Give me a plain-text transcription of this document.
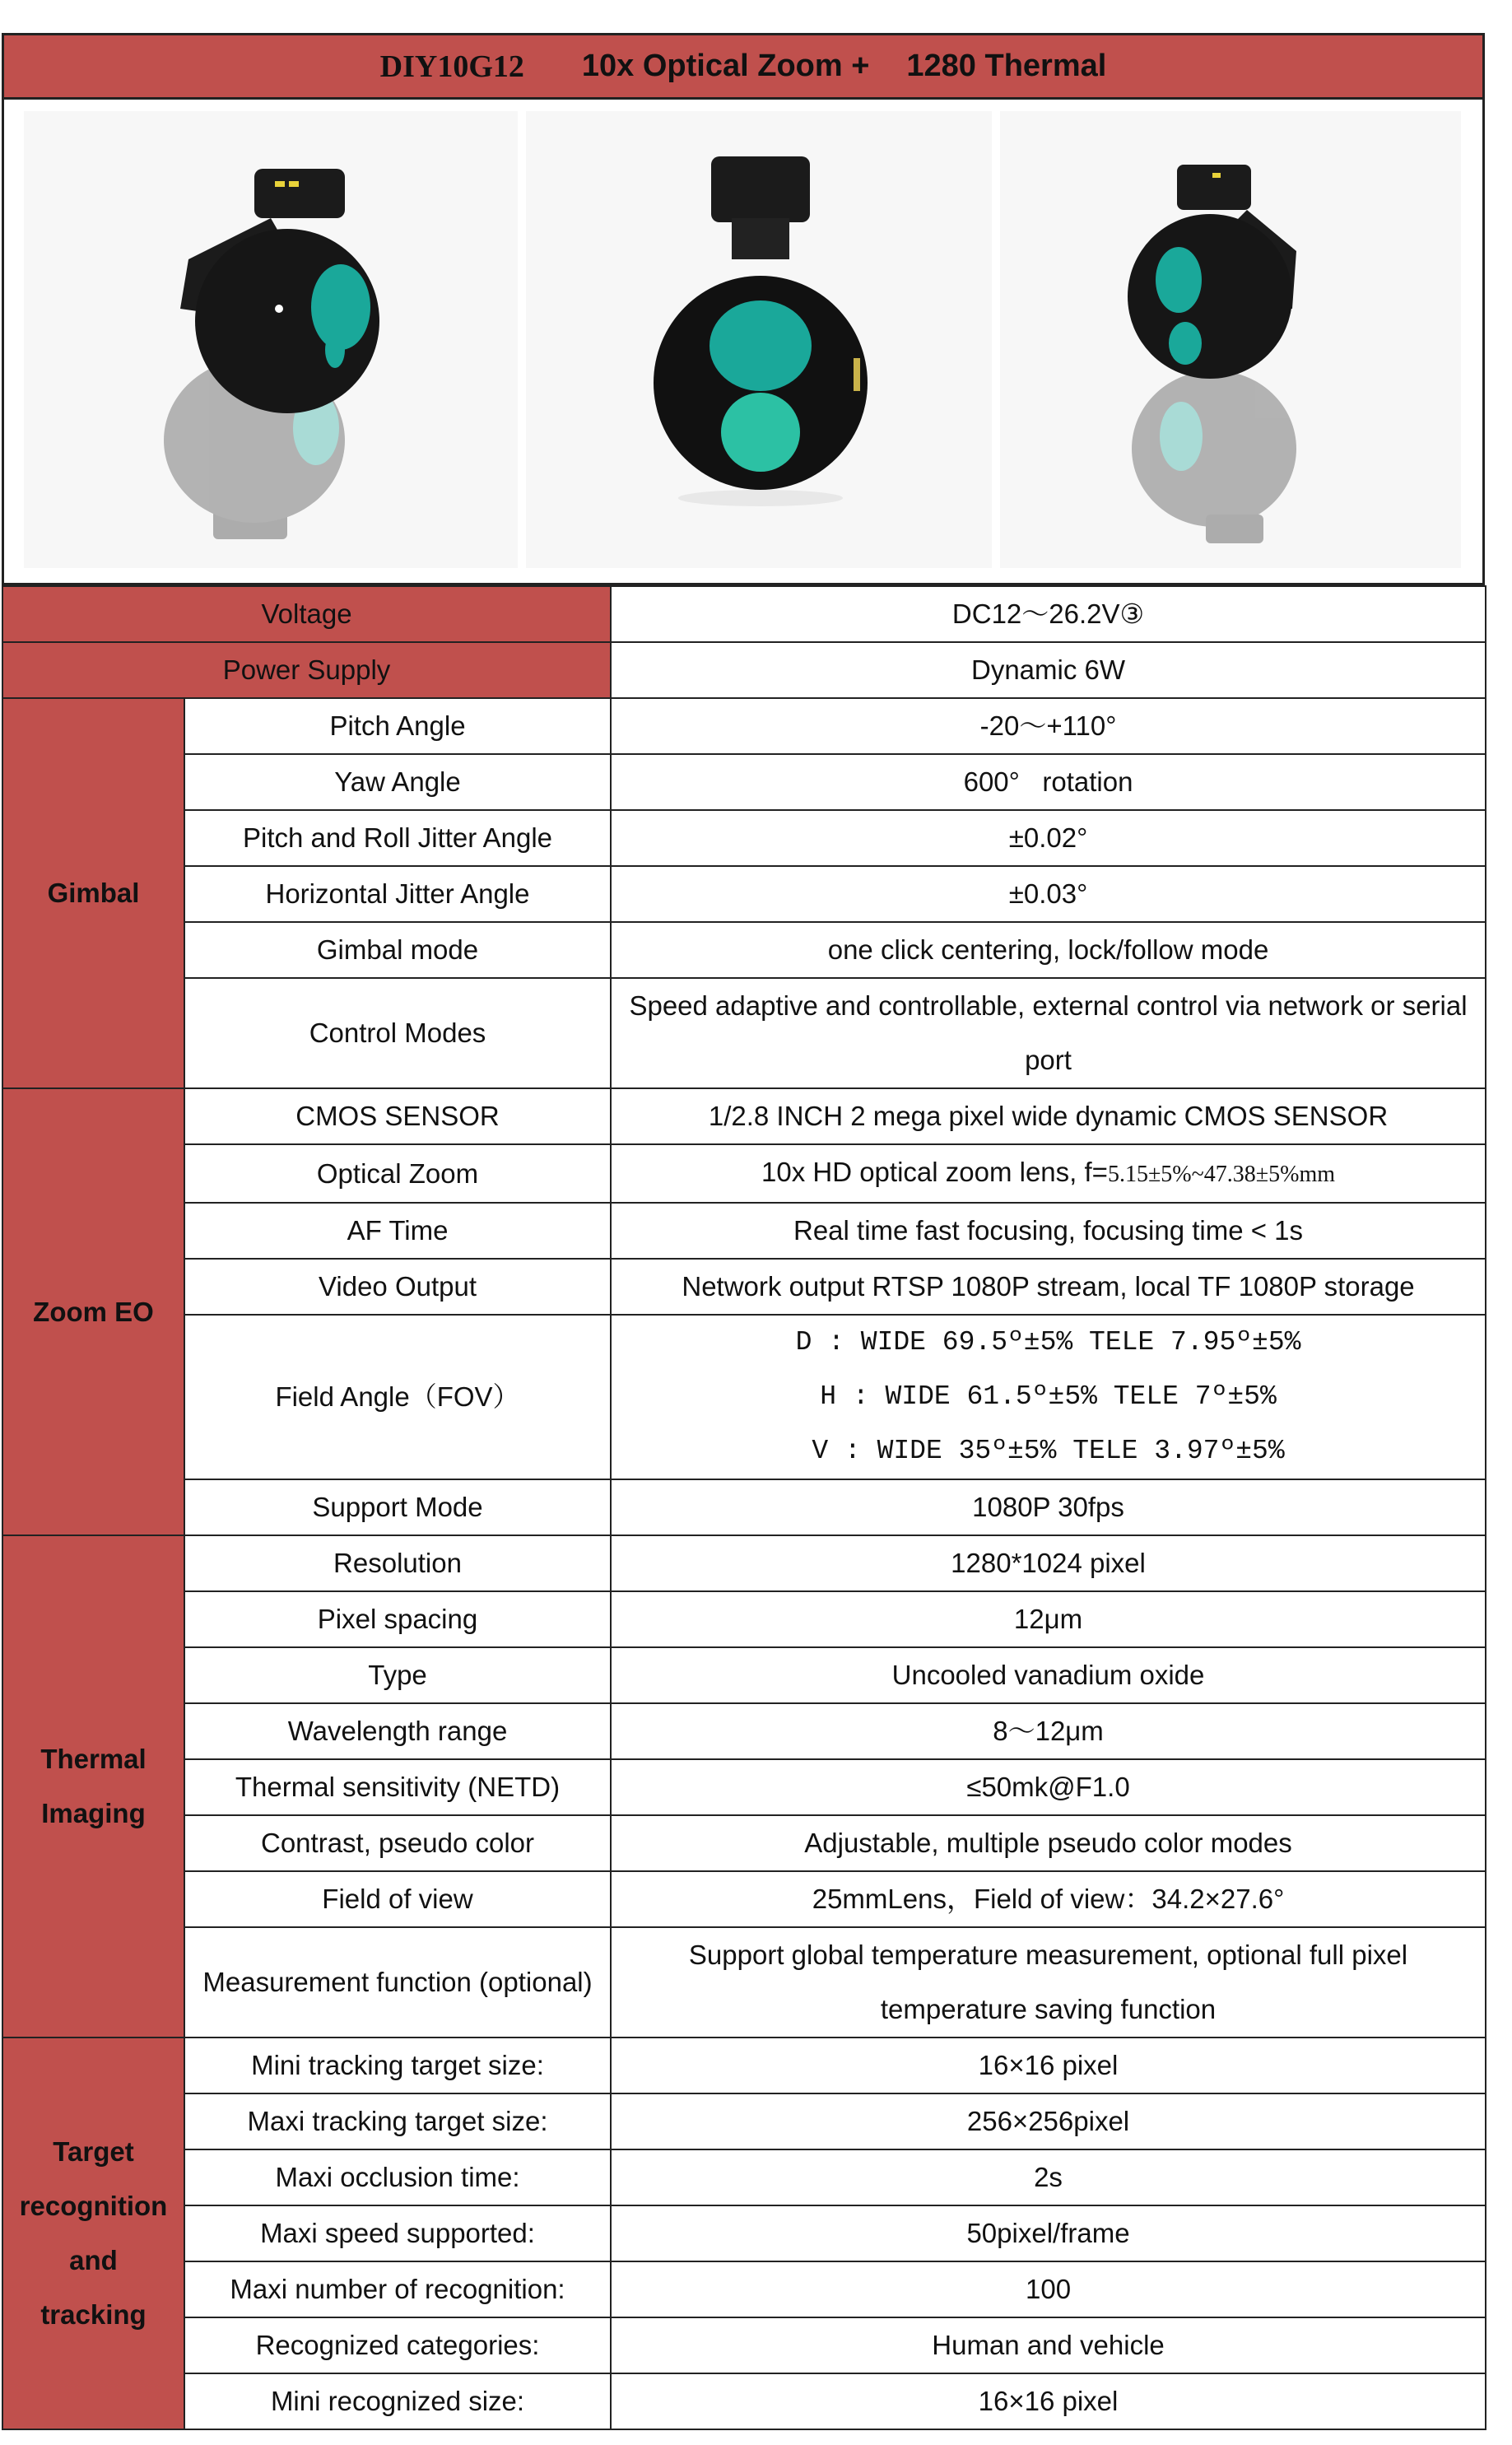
DIY10G12 10x Optical Zoom + 1280 Thermal
Voltage		DC12～26.2V③
Power Supply		Dynamic 6W
Gimbal	Pitch Angle	-20～+110°
	Yaw Angle	600°   rotation
	Pitch and Roll Jitter Angle	±0.02°
	Horizontal Jitter Angle	±0.03°
	Gimbal mode	one click centering, lock/follow mode
	Control Modes	Speed adaptive and controllable, external control via network or serial port
Zoom EO	CMOS SENSOR	1/2.8 INCH 2 mega pixel wide dynamic CMOS SENSOR
	Optical Zoom	10x HD optical zoom lens, f=5.15±5%~47.38±5%mm
	AF Time	Real time fast focusing, focusing time < 1s
	Video Output	Network output RTSP 1080P stream, local TF 1080P storage
	Field Angle（FOV）	D : WIDE 69.5º±5% TELE 7.95º±5%
H : WIDE 61.5º±5% TELE 7º±5%
V : WIDE 35º±5% TELE 3.97º±5%

	Support Mode	1080P 30fps

Thermal
Imaging	Resolution	1280*1024 pixel
	Pixel spacing	12μm
	Type	Uncooled vanadium oxide
	Wavelength range	8～12μm
	Thermal sensitivity (NETD)	≤50mk@F1.0
	Contrast, pseudo color	Adjustable, multiple pseudo color modes
	Field of view	25mmLens，Field of view：34.2×27.6°
	Measurement function (optional)	Support global temperature measurement, optional full pixel temperature saving function

Target
recognition
and
tracking	Mini tracking target size:	16×16 pixel
	Maxi tracking target size:	256×256pixel
	Maxi occlusion time:	2s
	Maxi speed supported:	50pixel/frame
	Maxi number of recognition:	100
	Recognized categories:	Human and vehicle
	Mini recognized size:	16×16 pixel
